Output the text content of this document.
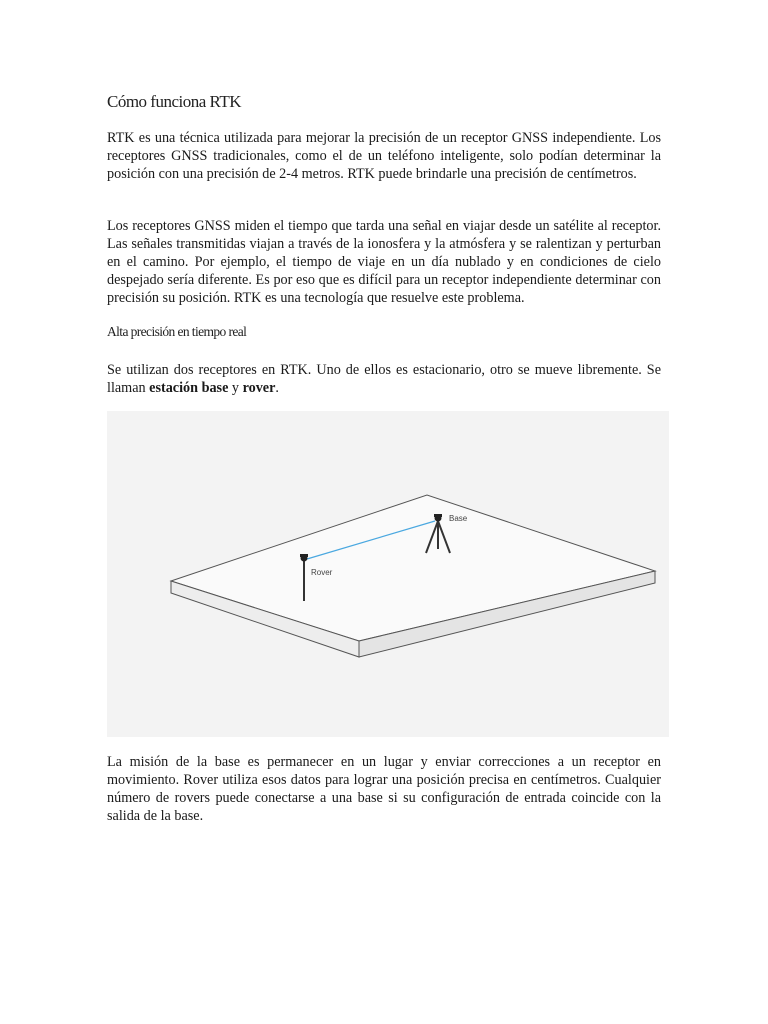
Cómo funciona RTK

RTK es una técnica utilizada para mejorar la precisión de un receptor GNSS independiente. Los receptores GNSS tradicionales, como el de un teléfono inteligente, solo podían determinar la posición con una precisión de 2-4 metros. RTK puede brindarle una precisión de centímetros.

Los receptores GNSS miden el tiempo que tarda una señal en viajar desde un satélite al receptor. Las señales transmitidas viajan a través de la ionosfera y la atmósfera y se ralentizan y perturban en el camino. Por ejemplo, el tiempo de viaje en un día nublado y en condiciones de cielo despejado sería diferente. Es por eso que es difícil para un receptor independiente determinar con precisión su posición. RTK es una tecnología que resuelve este problema.

Alta precisión en tiempo real

Se utilizan dos receptores en RTK. Uno de ellos es estacionario, otro se mueve libremente. Se llaman estación base y rover.

Base
Rover

La misión de la base es permanecer en un lugar y enviar correcciones a un receptor en movimiento. Rover utiliza esos datos para lograr una posición precisa en centímetros. Cualquier número de rovers puede conectarse a una base si su configuración de entrada coincide con la salida de la base.
